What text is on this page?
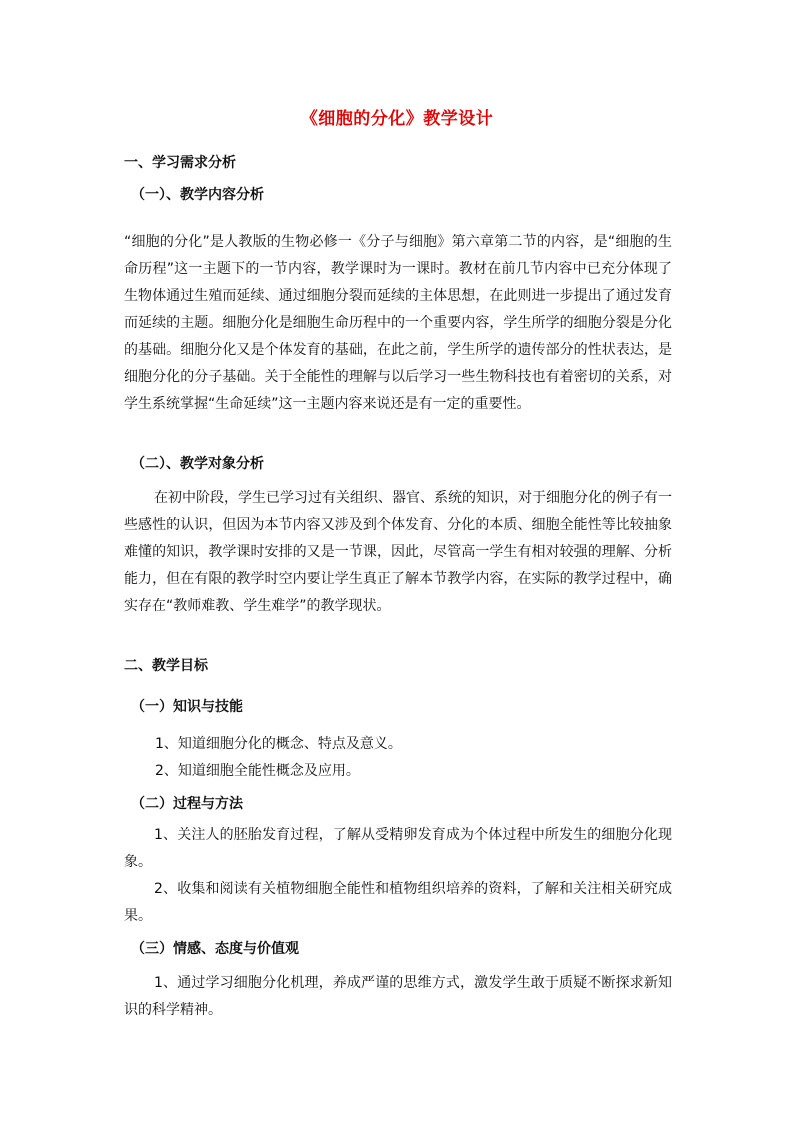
《细胞的分化》教学设计
一、学习需求分析
（一）、教学内容分析
“细胞的分化”是人教版的生物必修一《分子与细胞》第六章第二节的内容，是“细胞的生命历程”这一主题下的一节内容，教学课时为一课时。教材在前几节内容中已充分体现了生物体通过生殖而延续、通过细胞分裂而延续的主体思想，在此则进一步提出了通过发育而延续的主题。细胞分化是细胞生命历程中的一个重要内容，学生所学的细胞分裂是分化的基础。细胞分化又是个体发育的基础，在此之前，学生所学的遗传部分的性状表达，是细胞分化的分子基础。关于全能性的理解与以后学习一些生物科技也有着密切的关系，对学生系统掌握“生命延续”这一主题内容来说还是有一定的重要性。
（二）、教学对象分析
在初中阶段，学生已学习过有关组织、器官、系统的知识，对于细胞分化的例子有一些感性的认识，但因为本节内容又涉及到个体发育、分化的本质、细胞全能性等比较抽象难懂的知识，教学课时安排的又是一节课，因此，尽管高一学生有相对较强的理解、分析能力，但在有限的教学时空内要让学生真正了解本节教学内容，在实际的教学过程中，确实存在“教师难教、学生难学”的教学现状。
二、教学目标
（一）知识与技能
1、知道细胞分化的概念、特点及意义。
2、知道细胞全能性概念及应用。
（二）过程与方法
1、关注人的胚胎发育过程，了解从受精卵发育成为个体过程中所发生的细胞分化现象。
2、收集和阅读有关植物细胞全能性和植物组织培养的资料，了解和关注相关研究成果。
（三）情感、态度与价值观
1、通过学习细胞分化机理，养成严谨的思维方式，激发学生敢于质疑不断探求新知识的科学精神。
